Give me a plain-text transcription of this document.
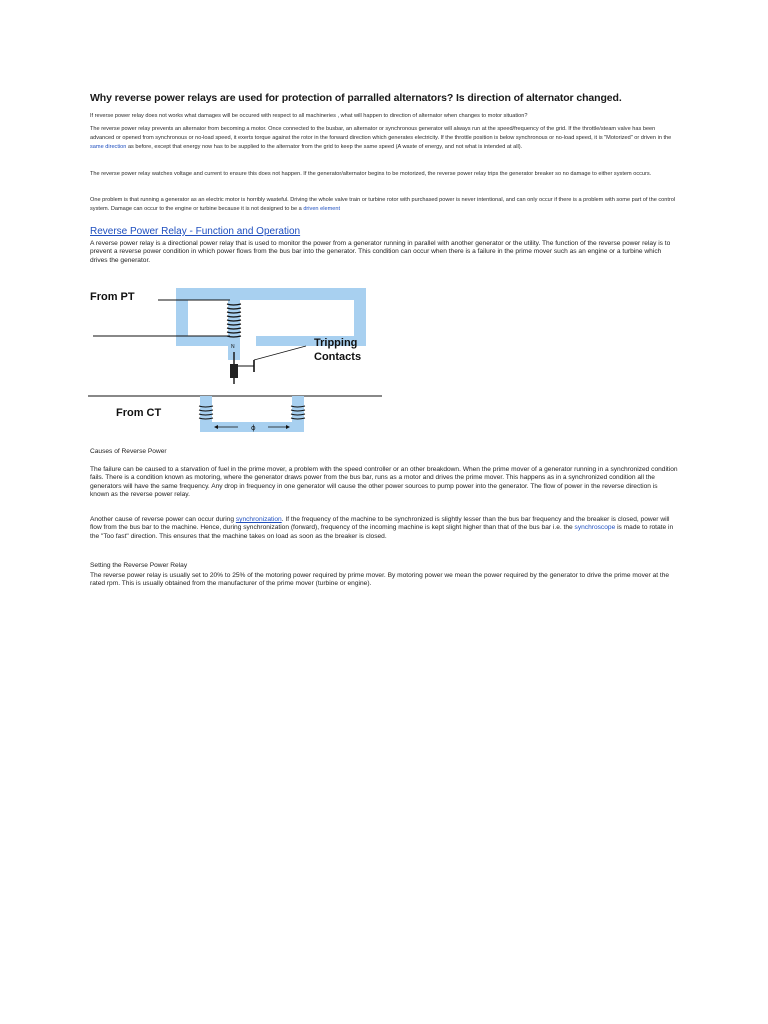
Why reverse power relays are used for protection of parralled alternators? Is direction of alternator changed.

If reverse power relay does not works what damages will be occured with respect to all machineries , what will happen to direction of alternator when changes to motor situation?

The reverse power relay prevents an alternator from becoming a motor. Once connected to the busbar, an alternator or synchronous generator will always run at the speed/frequency of the grid. If the throttle/steam valve has been advanced or opened from synchronous or no-load speed, it exerts torque against the rotor in the forward direction which generates electricity. If the throttle position is below synchronous or no-load speed, it is "Motorized" or driven in the same direction as before, except that energy now has to be supplied to the alternator from the grid to keep the same speed (A waste of energy, and not what is intended at all).

The reverse power relay watches voltage and current to ensure this does not happen. If the generator/alternator begins to be motorized, the reverse power relay trips the generator breaker so no damage to either system occurs.

One problem is that running a generator as an electric motor is horribly wasteful. Driving the whole valve train or turbine rotor with purchased power is never intentional, and can only occur if there is a problem with some part of the control system. Damage can occur to the engine or turbine because it is not designed to be a driven element

Reverse Power Relay - Function and Operation

A reverse power relay is a directional power relay that is used to monitor the power from a generator running in parallel with another generator or the utility. The function of the reverse power relay is to prevent a reverse power condition in which power flows from the bus bar into the generator. This condition can occur when there is a failure in the prime mover such as an engine or a turbine which drives the generator.

From PT
N	Tripping
Contacts
From CT
ϕ

Causes of Reverse Power

The failure can be caused to a starvation of fuel in the prime mover, a problem with the speed controller or an other breakdown. When the prime mover of a generator running in a synchronized condition fails. There is a condition known as motoring, where the generator draws power from the bus bar, runs as a motor and drives the prime mover. This happens as in a synchronized condition all the generators will have the same frequency. Any drop in frequency in one generator will cause the other power sources to pump power into the generator. The flow of power in the reverse direction is known as the reverse power relay.

Another cause of reverse power can occur during synchronization. If the frequency of the machine to be synchronized is slightly lesser than the bus bar frequency and the breaker is closed, power will flow from the bus bar to the machine. Hence, during synchronization (forward), frequency of the incoming machine is kept slight higher than that of the bus bar i.e. the synchroscope is made to rotate in the "Too fast" direction. This ensures that the machine takes on load as soon as the breaker is closed.

Setting the Reverse Power Relay

The reverse power relay is usually set to 20% to 25% of the motoring power required by prime mover. By motoring power we mean the power required by the generator to drive the prime mover at the rated rpm. This is usually obtained from the manufacturer of the prime mover (turbine or engine).
